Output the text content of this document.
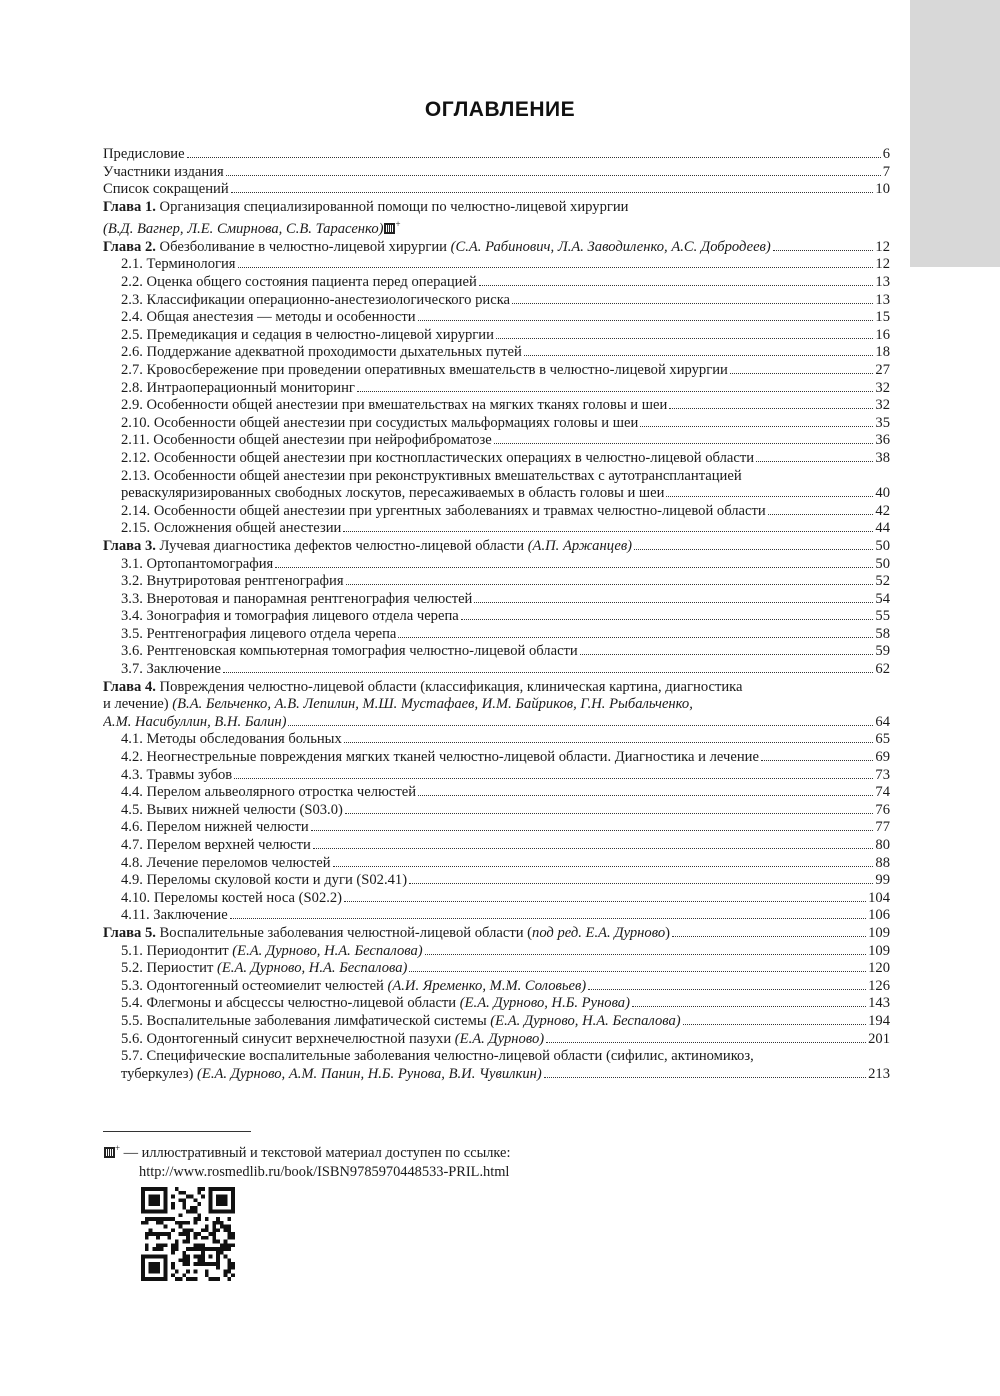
ОГЛАВЛЕНИЕ
Предисловие	6
Участники издания	7
Список сокращений	10
Глава 1. Организация специализированной помощи по челюстно-лицевой хирургии
(В.Д. Вагнер, Л.Е. Смирнова, С.В. Тарасенко) +
Глава 2. Обезболивание в челюстно-лицевой хирургии (С.А. Рабинович, Л.А. Заводиленко, А.С. Добродеев)	12
2.1. Терминология	12
2.2. Оценка общего состояния пациента перед операцией	13
2.3. Классификации операционно-анестезиологического риска	13
2.4. Общая анестезия — методы и особенности	15
2.5. Премедикация и седация в челюстно-лицевой хирургии	16
2.6. Поддержание адекватной проходимости дыхательных путей	18
2.7. Кровосбережение при проведении оперативных вмешательств в челюстно-лицевой хирургии	27
2.8. Интраоперационный мониторинг	32
2.9. Особенности общей анестезии при вмешательствах на мягких тканях головы и шеи	32
2.10. Особенности общей анестезии при сосудистых мальформациях головы и шеи	35
2.11. Особенности общей анестезии при нейрофиброматозе	36
2.12. Особенности общей анестезии при костнопластических операциях в челюстно-лицевой области	38
2.13. Особенности общей анестезии при реконструктивных вмешательствах с аутотрансплантацией
реваскуляризированных свободных лоскутов, пересаживаемых в область головы и шеи	40
2.14. Особенности общей анестезии при ургентных заболеваниях и травмах челюстно-лицевой области	42
2.15. Осложнения общей анестезии	44
Глава 3. Лучевая диагностика дефектов челюстно-лицевой области (А.П. Аржанцев)	50
3.1. Ортопантомография	50
3.2. Внутриротовая рентгенография	52
3.3. Внеротовая и панорамная рентгенография челюстей	54
3.4. Зонография и томография лицевого отдела черепа	55
3.5. Рентгенография лицевого отдела черепа	58
3.6. Рентгеновская компьютерная томография челюстно-лицевой области	59
3.7. Заключение	62
Глава 4. Повреждения челюстно-лицевой области (классификация, клиническая картина, диагностика
и лечение) (В.А. Бельченко, А.В. Лепилин, М.Ш. Мустафаев, И.М. Байриков, Г.Н. Рыбальченко,
А.М. Насибуллин, В.Н. Балин)	64
4.1. Методы обследования больных	65
4.2. Неогнестрельные повреждения мягких тканей челюстно-лицевой области. Диагностика и лечение	69
4.3. Травмы зубов	73
4.4. Перелом альвеолярного отростка челюстей	74
4.5. Вывих нижней челюсти (S03.0)	76
4.6. Перелом нижней челюсти	77
4.7. Перелом верхней челюсти	80
4.8. Лечение переломов челюстей	88
4.9. Переломы скуловой кости и дуги (S02.41)	99
4.10. Переломы костей носа (S02.2)	104
4.11. Заключение	106
Глава 5. Воспалительные заболевания челюстной-лицевой области (под ред. Е.А. Дурново)	109
5.1. Периодонтит (Е.А. Дурново, Н.А. Беспалова)	109
5.2. Периостит (Е.А. Дурново, Н.А. Беспалова)	120
5.3. Одонтогенный остеомиелит челюстей (А.И. Яременко, М.М. Соловьев)	126
5.4. Флегмоны и абсцессы челюстно-лицевой области (Е.А. Дурново, Н.Б. Рунова)	143
5.5. Воспалительные заболевания лимфатической системы (Е.А. Дурново, Н.А. Беспалова)	194
5.6. Одонтогенный синусит верхнечелюстной пазухи (Е.А. Дурново)	201
5.7. Специфические воспалительные заболевания челюстно-лицевой области (сифилис, актиномикоз,
туберкулез) (Е.А. Дурново, А.М. Панин, Н.Б. Рунова, В.И. Чувилкин)	213
+ — иллюстративный и текстовой материал доступен по ссылке:
http://www.rosmedlib.ru/book/ISBN9785970448533-PRIL.html
